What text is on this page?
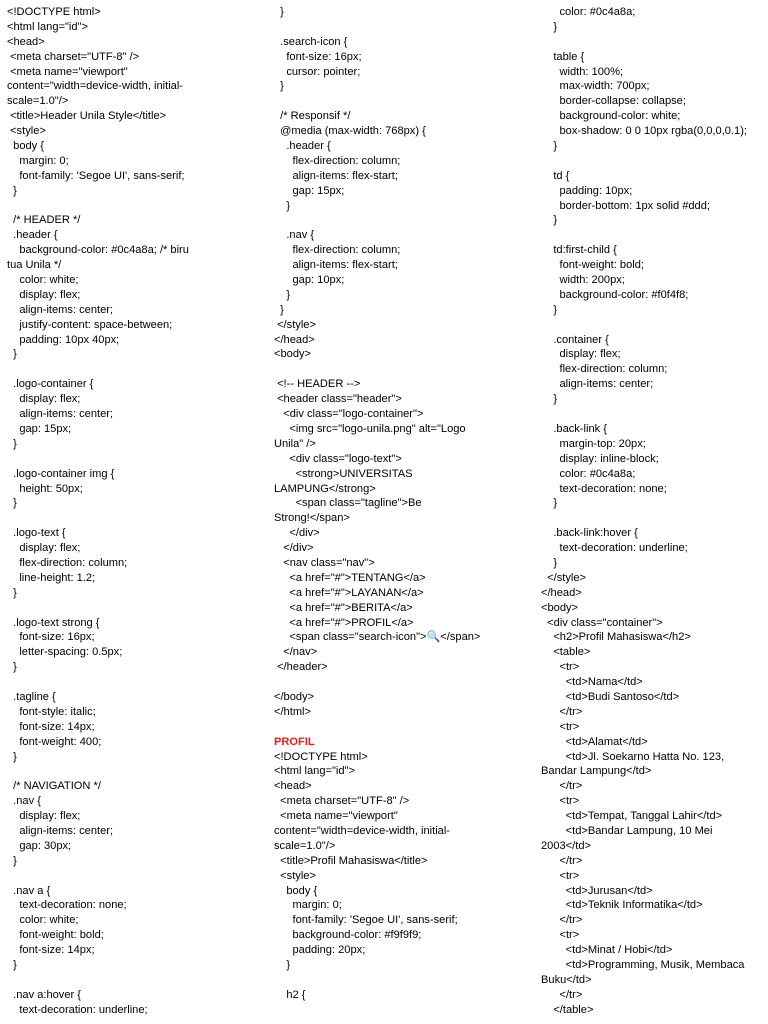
<!DOCTYPE html>
<html lang="id">
<head>
<meta charset="UTF-8" />
<meta name="viewport"
content="width=device-width, initial-
scale=1.0"/>
<title>Header Unila Style</title>
<style>
body {
margin: 0;
font-family: 'Segoe UI', sans-serif;
}
/* HEADER */
.header {
background-color: #0c4a8a; /* biru
tua Unila */
color: white;
display: flex;
align-items: center;
justify-content: space-between;
padding: 10px 40px;
}
.logo-container {
display: flex;
align-items: center;
gap: 15px;
}
.logo-container img {
height: 50px;
}
.logo-text {
display: flex;
flex-direction: column;
line-height: 1.2;
}
.logo-text strong {
font-size: 16px;
letter-spacing: 0.5px;
}
.tagline {
font-style: italic;
font-size: 14px;
font-weight: 400;
}
/* NAVIGATION */
.nav {
display: flex;
align-items: center;
gap: 30px;
}
.nav a {
text-decoration: none;
color: white;
font-weight: bold;
font-size: 14px;
}
.nav a:hover {
text-decoration: underline;
}
.search-icon {
font-size: 16px;
cursor: pointer;
}
/* Responsif */
@media (max-width: 768px) {
.header {
flex-direction: column;
align-items: flex-start;
gap: 15px;
}
.nav {
flex-direction: column;
align-items: flex-start;
gap: 10px;
}
}
</style>
</head>
<body>
<!-- HEADER -->
<header class="header">
<div class="logo-container">
<img src="logo-unila.png" alt="Logo
Unila" />
<div class="logo-text">
<strong>UNIVERSITAS
LAMPUNG</strong>
<span class="tagline">Be
Strong!</span>
</div>
</div>
<nav class="nav">
<a href="#">TENTANG</a>
<a href="#">LAYANAN</a>
<a href="#">BERITA</a>
<a href="#">PROFIL</a>
<span class="search-icon">🔍</span>
</nav>
</header>
</body>
</html>
PROFIL
<!DOCTYPE html>
<html lang="id">
<head>
<meta charset="UTF-8" />
<meta name="viewport"
content="width=device-width, initial-
scale=1.0"/>
<title>Profil Mahasiswa</title>
<style>
body {
margin: 0;
font-family: 'Segoe UI', sans-serif;
background-color: #f9f9f9;
padding: 20px;
}
h2 {
color: #0c4a8a;
}
table {
width: 100%;
max-width: 700px;
border-collapse: collapse;
background-color: white;
box-shadow: 0 0 10px rgba(0,0,0,0.1);
}
td {
padding: 10px;
border-bottom: 1px solid #ddd;
}
td:first-child {
font-weight: bold;
width: 200px;
background-color: #f0f4f8;
}
.container {
display: flex;
flex-direction: column;
align-items: center;
}
.back-link {
margin-top: 20px;
display: inline-block;
color: #0c4a8a;
text-decoration: none;
}
.back-link:hover {
text-decoration: underline;
}
</style>
</head>
<body>
<div class="container">
<h2>Profil Mahasiswa</h2>
<table>
<tr>
<td>Nama</td>
<td>Budi Santoso</td>
</tr>
<tr>
<td>Alamat</td>
<td>Jl. Soekarno Hatta No. 123,
Bandar Lampung</td>
</tr>
<tr>
<td>Tempat, Tanggal Lahir</td>
<td>Bandar Lampung, 10 Mei
2003</td>
</tr>
<tr>
<td>Jurusan</td>
<td>Teknik Informatika</td>
</tr>
<tr>
<td>Minat / Hobi</td>
<td>Programming, Musik, Membaca
Buku</td>
</tr>
</table>
